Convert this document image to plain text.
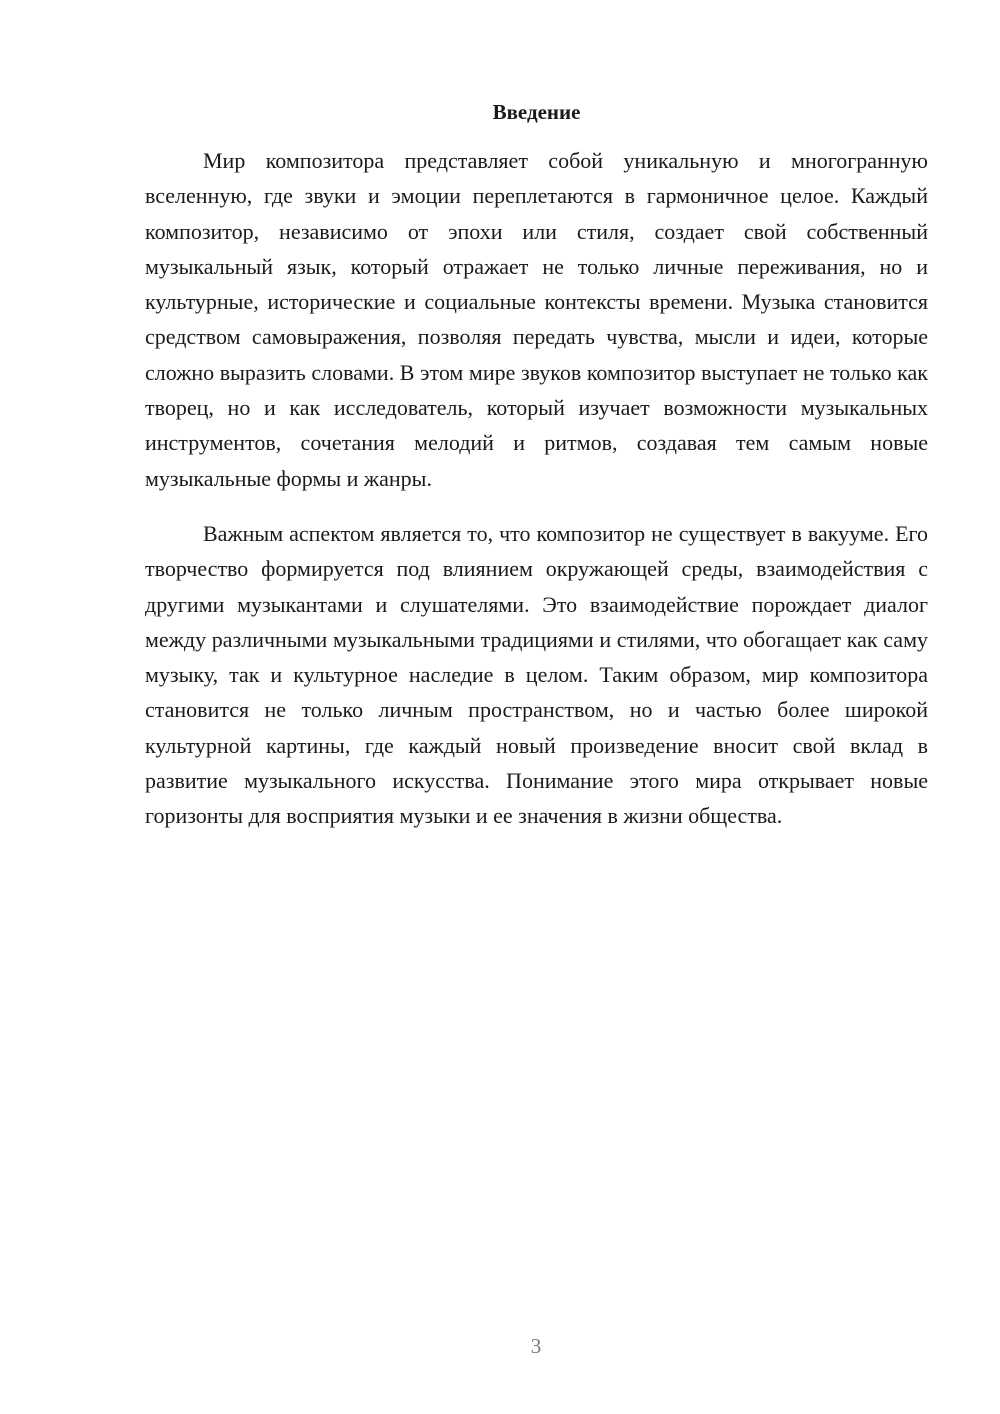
Введение

Мир композитора представляет собой уникальную и многогранную вселенную, где звуки и эмоции переплетаются в гармоничное целое. Каждый композитор, независимо от эпохи или стиля, создает свой собственный музыкальный язык, который отражает не только личные переживания, но и культурные, исторические и социальные контексты времени. Музыка становится средством самовыражения, позволяя передать чувства, мысли и идеи, которые сложно выразить словами. В этом мире звуков композитор выступает не только как творец, но и как исследователь, который изучает возможности музыкальных инструментов, сочетания мелодий и ритмов, создавая тем самым новые музыкальные формы и жанры.

Важным аспектом является то, что композитор не существует в вакууме. Его творчество формируется под влиянием окружающей среды, взаимодействия с другими музыкантами и слушателями. Это взаимодействие порождает диалог между различными музыкальными традициями и стилями, что обогащает как саму музыку, так и культурное наследие в целом. Таким образом, мир композитора становится не только личным пространством, но и частью более широкой культурной картины, где каждый новый произведение вносит свой вклад в развитие музыкального искусства. Понимание этого мира открывает новые горизонты для восприятия музыки и ее значения в жизни общества.

3
